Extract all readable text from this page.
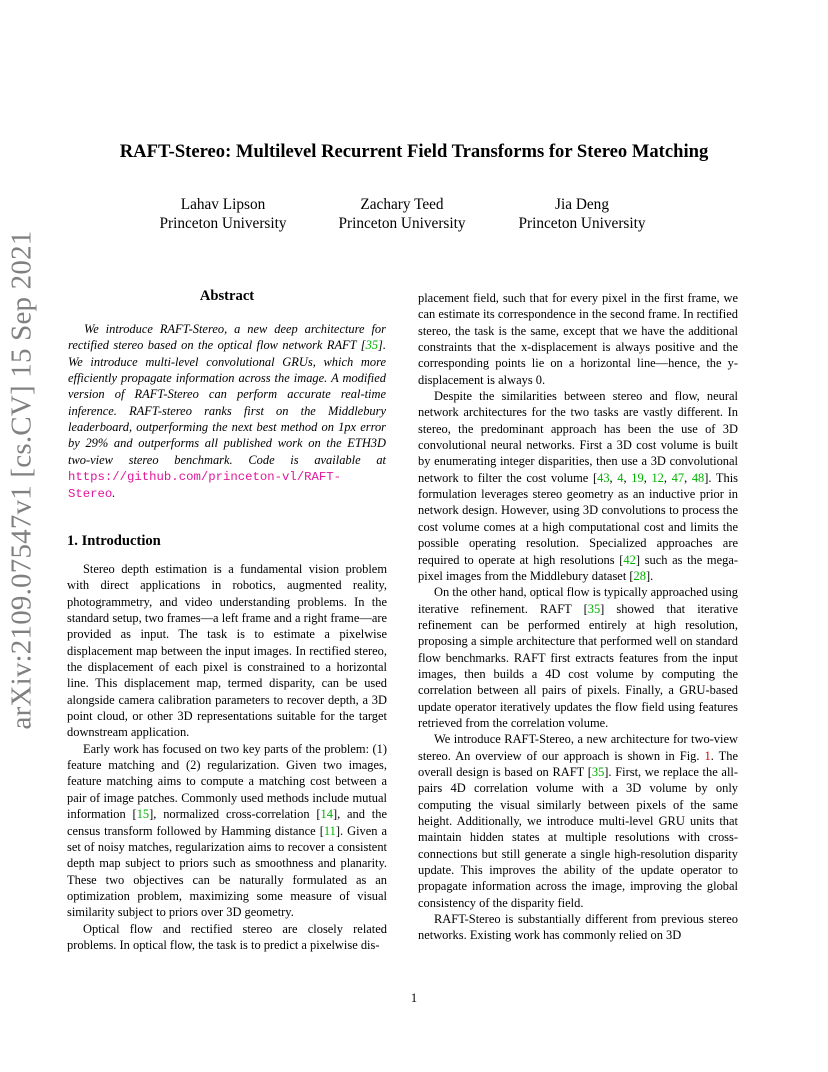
RAFT-Stereo: Multilevel Recurrent Field Transforms for Stereo Matching
Lahav Lipson
Princeton University
Zachary Teed
Princeton University
Jia Deng
Princeton University
arXiv:2109.07547v1 [cs.CV] 15 Sep 2021	Abstract

We introduce RAFT-Stereo, a new deep architecture for rectified stereo based on the optical flow network RAFT [35]. We introduce multi-level convolutional GRUs, which more efficiently propagate information across the image. A modified version of RAFT-Stereo can perform accurate real-time inference. RAFT-stereo ranks first on the Middlebury leaderboard, outperforming the next best method on 1px error by 29% and outperforms all published work on the ETH3D two-view stereo benchmark. Code is available at https://github.com/princeton-vl/RAFT-Stereo.

1. Introduction

Stereo depth estimation is a fundamental vision problem with direct applications in robotics, augmented reality, photogrammetry, and video understanding problems. In the standard setup, two frames—a left frame and a right frame—are provided as input. The task is to estimate a pixelwise displacement map between the input images. In rectified stereo, the displacement of each pixel is constrained to a horizontal line. This displacement map, termed disparity, can be used alongside camera calibration parameters to recover depth, a 3D point cloud, or other 3D representations suitable for the target downstream application.

Early work has focused on two key parts of the problem: (1) feature matching and (2) regularization. Given two images, feature matching aims to compute a matching cost between a pair of image patches. Commonly used methods include mutual information [15], normalized cross-correlation [14], and the census transform followed by Hamming distance [11]. Given a set of noisy matches, regularization aims to recover a consistent depth map subject to priors such as smoothness and planarity. These two objectives can be naturally formulated as an optimization problem, maximizing some measure of visual similarity subject to priors over 3D geometry.

Optical flow and rectified stereo are closely related problems. In optical flow, the task is to predict a pixelwise dis-

placement field, such that for every pixel in the first frame, we can estimate its correspondence in the second frame. In rectified stereo, the task is the same, except that we have the additional constraints that the x-displacement is always positive and the corresponding points lie on a horizontal line—hence, the y-displacement is always 0.

Despite the similarities between stereo and flow, neural network architectures for the two tasks are vastly different. In stereo, the predominant approach has been the use of 3D convolutional neural networks. First a 3D cost volume is built by enumerating integer disparities, then use a 3D convolutional network to filter the cost volume [43, 4, 19, 12, 47, 48]. This formulation leverages stereo geometry as an inductive prior in network design. However, using 3D convolutions to process the cost volume comes at a high computational cost and limits the possible operating resolution. Specialized approaches are required to operate at high resolutions [42] such as the mega-pixel images from the Middlebury dataset [28].

On the other hand, optical flow is typically approached using iterative refinement. RAFT [35] showed that iterative refinement can be performed entirely at high resolution, proposing a simple architecture that performed well on standard flow benchmarks. RAFT first extracts features from the input images, then builds a 4D cost volume by computing the correlation between all pairs of pixels. Finally, a GRU-based update operator iteratively updates the flow field using features retrieved from the correlation volume.

We introduce RAFT-Stereo, a new architecture for two-view stereo. An overview of our approach is shown in Fig. 1. The overall design is based on RAFT [35]. First, we replace the all-pairs 4D correlation volume with a 3D volume by only computing the visual similarly between pixels of the same height. Additionally, we introduce multi-level GRU units that maintain hidden states at multiple resolutions with cross-connections but still generate a single high-resolution disparity update. This improves the ability of the update operator to propagate information across the image, improving the global consistency of the disparity field.

RAFT-Stereo is substantially different from previous stereo networks. Existing work has commonly relied on 3D

1
